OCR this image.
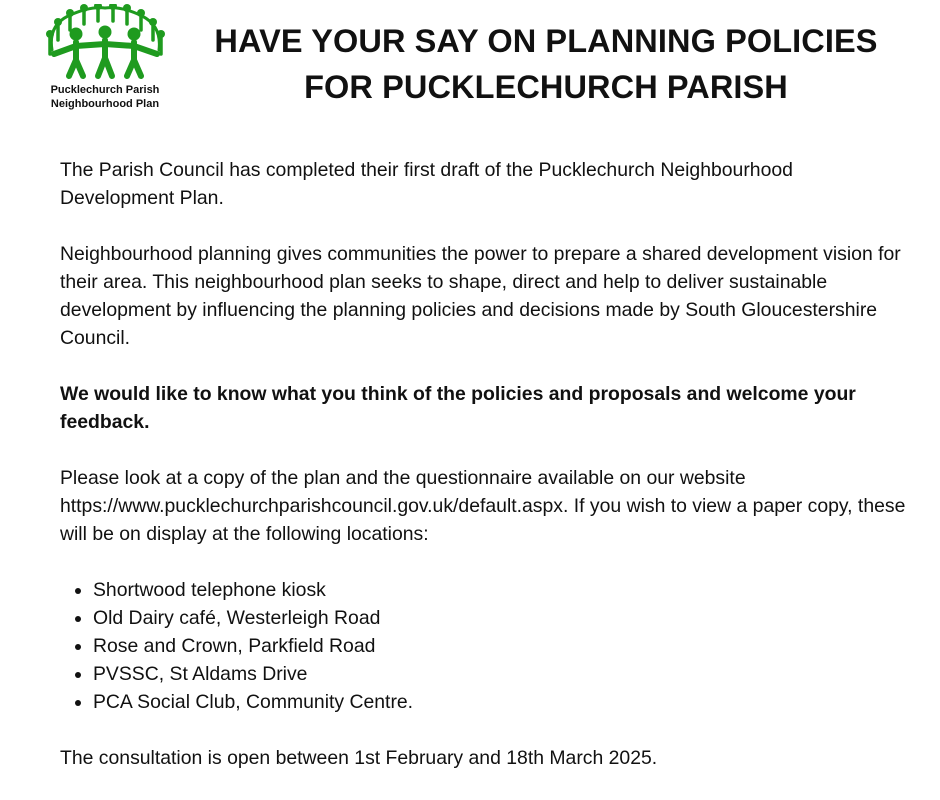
Pucklechurch Parish
Neighbourhood Plan
HAVE YOUR SAY ON PLANNING POLICIES
FOR PUCKLECHURCH PARISH

The Parish Council has completed their first draft of the Pucklechurch Neighbourhood Development Plan.

Neighbourhood planning gives communities the power to prepare a shared development vision for their area. This neighbourhood plan seeks to shape, direct and help to deliver sustainable development by influencing the planning policies and decisions made by South Gloucestershire Council.

We would like to know what you think of the policies and proposals and welcome your feedback.

Please look at a copy of the plan and the questionnaire available on our website https://www.pucklechurchparishcouncil.gov.uk/default.aspx. If you wish to view a paper copy, these will be on display at the following locations:

• Shortwood telephone kiosk
• Old Dairy café, Westerleigh Road
• Rose and Crown, Parkfield Road
• PVSSC, St Aldams Drive
• PCA Social Club, Community Centre.

The consultation is open between 1st February and 18th March 2025.
